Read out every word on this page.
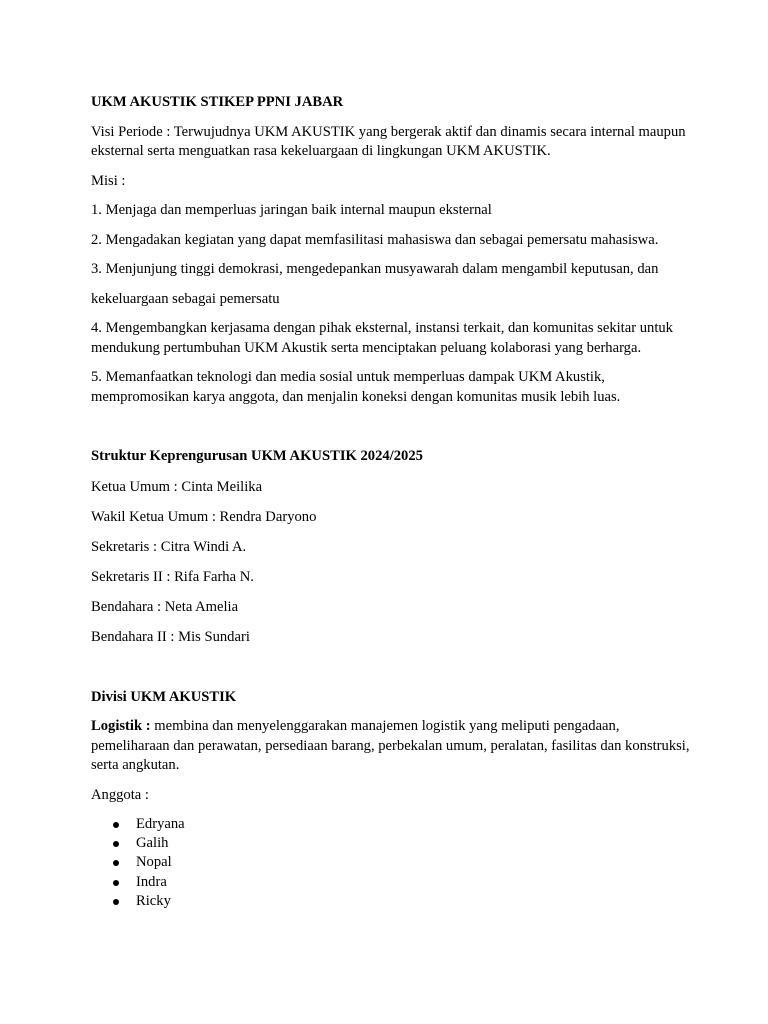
UKM AKUSTIK STIKEP PPNI JABAR

Visi Periode : Terwujudnya UKM AKUSTIK yang bergerak aktif dan dinamis secara internal maupun eksternal serta menguatkan rasa kekeluargaan di lingkungan UKM AKUSTIK.

Misi :

1. Menjaga dan memperluas jaringan baik internal maupun eksternal

2. Mengadakan kegiatan yang dapat memfasilitasi mahasiswa dan sebagai pemersatu mahasiswa.

3. Menjunjung tinggi demokrasi, mengedepankan musyawarah dalam mengambil keputusan, dan

kekeluargaan sebagai pemersatu

4. Mengembangkan kerjasama dengan pihak eksternal, instansi terkait, dan komunitas sekitar untuk mendukung pertumbuhan UKM Akustik serta menciptakan peluang kolaborasi yang berharga.

5. Memanfaatkan teknologi dan media sosial untuk memperluas dampak UKM Akustik, mempromosikan karya anggota, dan menjalin koneksi dengan komunitas musik lebih luas.

Struktur Keprengurusan UKM AKUSTIK 2024/2025

Ketua Umum : Cinta Meilika

Wakil Ketua Umum : Rendra Daryono

Sekretaris : Citra Windi A.

Sekretaris II : Rifa Farha N.

Bendahara : Neta Amelia

Bendahara II : Mis Sundari

Divisi UKM AKUSTIK

Logistik : membina dan menyelenggarakan manajemen logistik yang meliputi pengadaan, pemeliharaan dan perawatan, persediaan barang, perbekalan umum, peralatan, fasilitas dan konstruksi, serta angkutan.

Anggota :

Edryana
Galih
Nopal
Indra
Ricky
